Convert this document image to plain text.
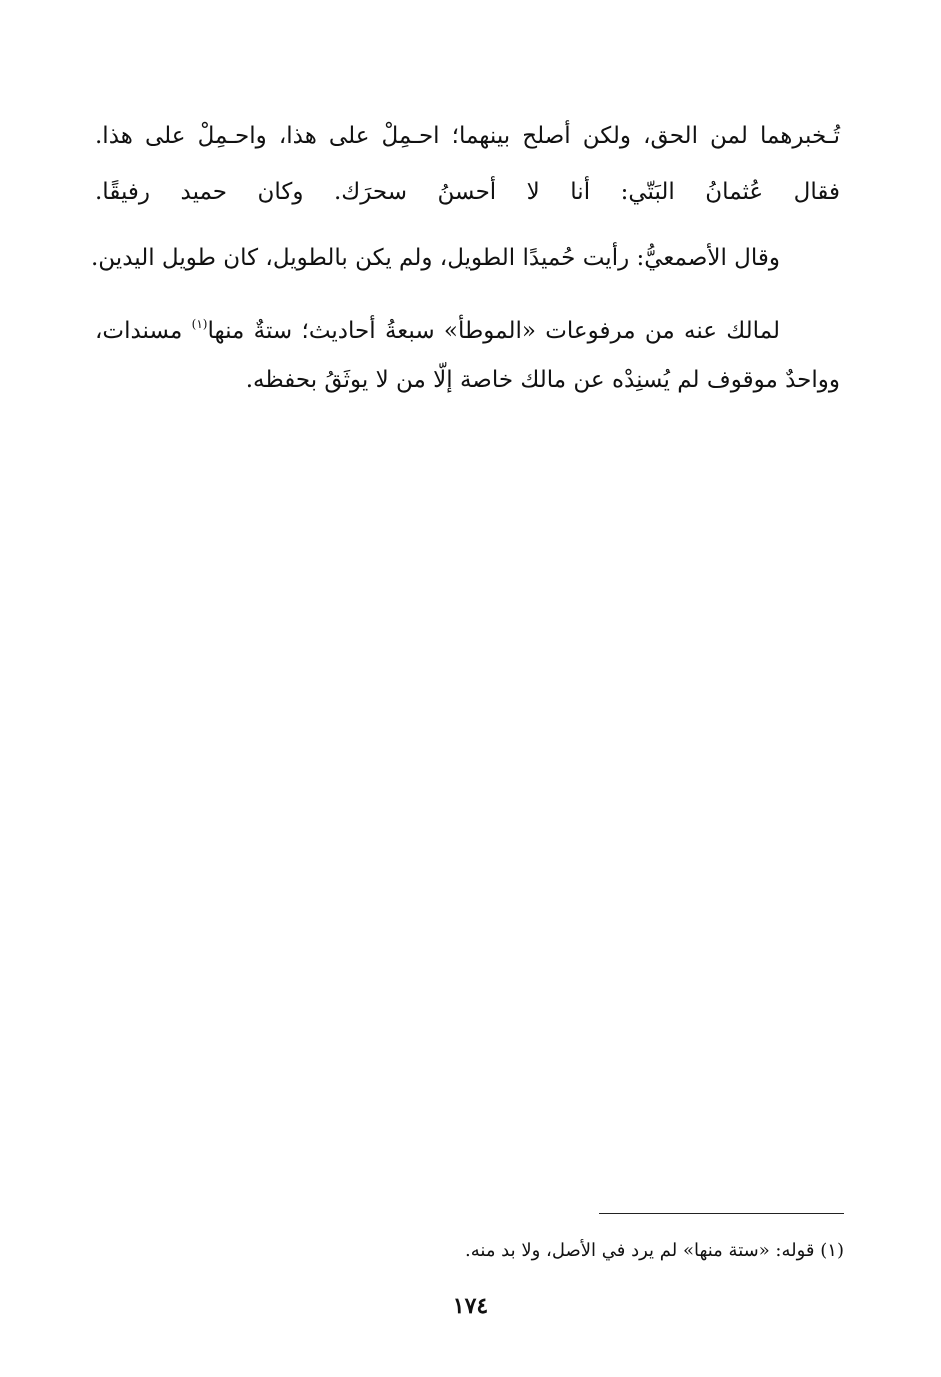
تُـخبرهما لمن الحق، ولكن أصلح بينهما؛ احـمِلْ على هذا، واحـمِلْ على هذا.
فقال عُثمانُ البَتّي: أنا لا أحسنُ سحرَك. وكان حميد رفيقًا.
وقال الأصمعيُّ: رأيت حُميدًا الطويل، ولم يكن بالطويل، كان طويل اليدين.
لمالك عنه من مرفوعات «الموطأ» سبعةُ أحاديث؛ ستةٌ منها$^{(١)}$ مسندات،
وواحدٌ موقوف لم يُسنِدْه عن مالك خاصة إلّا من لا يوثَقُ بحفظه.
(١) قوله: «ستة منها» لم يرد في الأصل، ولا بد منه.
١٧٤
